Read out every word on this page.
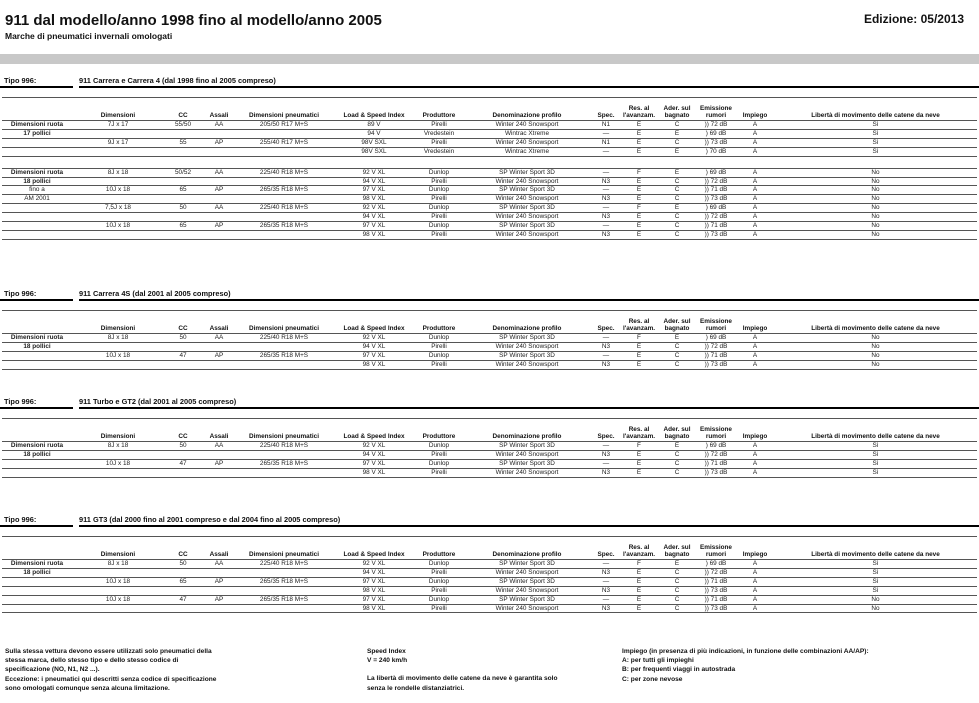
911 dal modello/anno 1998 fino al modello/anno 2005
Marche di pneumatici invernali omologati
Edizione: 05/2013
Tipo 996:	911 Carrera e Carrera 4 (dal 1998 fino al 2005 compreso)

	Dimensioni	CC	Assali	Dimensioni pneumatici	Load & Speed Index	Produttore	Denominazione profilo	Spec.	Res. al l'avanzam.	Ader. sul bagnato	Emissione rumori	Impiego	Libertà di movimento delle catene da neve
Dimensioni ruota	7J x 17	55/50	AA	205/50 R17 M+S	89 V	Pirelli	Winter 240 Snowsport	N1	E	C	)) 72 dB	A	Sì
17 pollici					94 V	Vredestein	Wintrac Xtreme	—	E	E	) 69 dB	A	Sì
	9J x 17	55	AP	255/40 R17 M+S	98V SXL	Pirelli	Winter 240 Snowsport	N1	E	C	)) 73 dB	A	Sì
					98V SXL	Vredestein	Wintrac Xtreme	—	E	E	) 70 dB	A	Sì

Dimensioni ruota	8J x 18	50/52	AA	225/40 R18 M+S	92 V XL	Dunlop	SP Winter Sport 3D	—	F	E	) 69 dB	A	No
18 pollici					94 V XL	Pirelli	Winter 240 Snowsport	N3	E	C	)) 72 dB	A	No
fino a	10J x 18	65	AP	265/35 R18 M+S	97 V XL	Dunlop	SP Winter Sport 3D	—	E	C	)) 71 dB	A	No
AM 2001					98 V XL	Pirelli	Winter 240 Snowsport	N3	E	C	)) 73 dB	A	No
	7,5J x 18	50	AA	225/40 R18 M+S	92 V XL	Dunlop	SP Winter Sport 3D	—	F	E	) 69 dB	A	No
					94 V XL	Pirelli	Winter 240 Snowsport	N3	E	C	)) 72 dB	A	No
	10J x 18	65	AP	265/35 R18 M+S	97 V XL	Dunlop	SP Winter Sport 3D	—	E	C	)) 71 dB	A	No
					98 V XL	Pirelli	Winter 240 Snowsport	N3	E	C	)) 73 dB	A	No
Tipo 996:	911 Carrera 4S (dal 2001 al 2005 compreso)

	Dimensioni	CC	Assali	Dimensioni pneumatici	Load & Speed Index	Produttore	Denominazione profilo	Spec.	Res. al l'avanzam.	Ader. sul bagnato	Emissione rumori	Impiego	Libertà di movimento delle catene da neve
Dimensioni ruota	8J x 18	50	AA	225/40 R18 M+S	92 V XL	Dunlop	SP Winter Sport 3D	—	F	E	) 69 dB	A	No
18 pollici					94 V XL	Pirelli	Winter 240 Snowsport	N3	E	C	)) 72 dB	A	No
	10J x 18	47	AP	265/35 R18 M+S	97 V XL	Dunlop	SP Winter Sport 3D	—	E	C	)) 71 dB	A	No
					98 V XL	Pirelli	Winter 240 Snowsport	N3	E	C	)) 73 dB	A	No
Tipo 996:	911 Turbo e GT2 (dal 2001 al 2005 compreso)

	Dimensioni	CC	Assali	Dimensioni pneumatici	Load & Speed Index	Produttore	Denominazione profilo	Spec.	Res. al l'avanzam.	Ader. sul bagnato	Emissione rumori	Impiego	Libertà di movimento delle catene da neve
Dimensioni ruota	8J x 18	50	AA	225/40 R18 M+S	92 V XL	Dunlop	SP Winter Sport 3D	—	F	E	) 69 dB	A	Sì
18 pollici					94 V XL	Pirelli	Winter 240 Snowsport	N3	E	C	)) 72 dB	A	Sì
	10J x 18	47	AP	265/35 R18 M+S	97 V XL	Dunlop	SP Winter Sport 3D	—	E	C	)) 71 dB	A	Sì
					98 V XL	Pirelli	Winter 240 Snowsport	N3	E	C	)) 73 dB	A	Sì
Tipo 996:	911 GT3 (dal 2000 fino al 2001 compreso e dal 2004 fino al 2005 compreso)

	Dimensioni	CC	Assali	Dimensioni pneumatici	Load & Speed Index	Produttore	Denominazione profilo	Spec.	Res. al l'avanzam.	Ader. sul bagnato	Emissione rumori	Impiego	Libertà di movimento delle catene da neve
Dimensioni ruota	8J x 18	50	AA	225/40 R18 M+S	92 V XL	Dunlop	SP Winter Sport 3D	—	F	E	) 69 dB	A	Sì
18 pollici					94 V XL	Pirelli	Winter 240 Snowsport	N3	E	C	)) 72 dB	A	Sì
	10J x 18	65	AP	265/35 R18 M+S	97 V XL	Dunlop	SP Winter Sport 3D	—	E	C	)) 71 dB	A	Sì
					98 V XL	Pirelli	Winter 240 Snowsport	N3	E	C	)) 73 dB	A	Sì
	10J x 18	47	AP	265/35 R18 M+S	97 V XL	Dunlop	SP Winter Sport 3D	—	E	C	)) 71 dB	A	No
					98 V XL	Pirelli	Winter 240 Snowsport	N3	E	C	)) 73 dB	A	No

Sulla stessa vettura devono essere utilizzati solo pneumatici della

stessa marca, dello stesso tipo e dello stesso codice di

specificazione (NO, N1, N2 ...).

Eccezione: i pneumatici qui descritti senza codice di specificazione

sono omologati comunque senza alcuna limitazione.

Speed Index

V = 240 km/h

La libertà di movimento delle catene da neve è garantita solo

senza le rondelle distanziatrici.

Impiego (in presenza di più indicazioni, in funzione delle combinazioni AA/AP):

A: per tutti gli impieghi

B: per frequenti viaggi in autostrada

C: per zone nevose
